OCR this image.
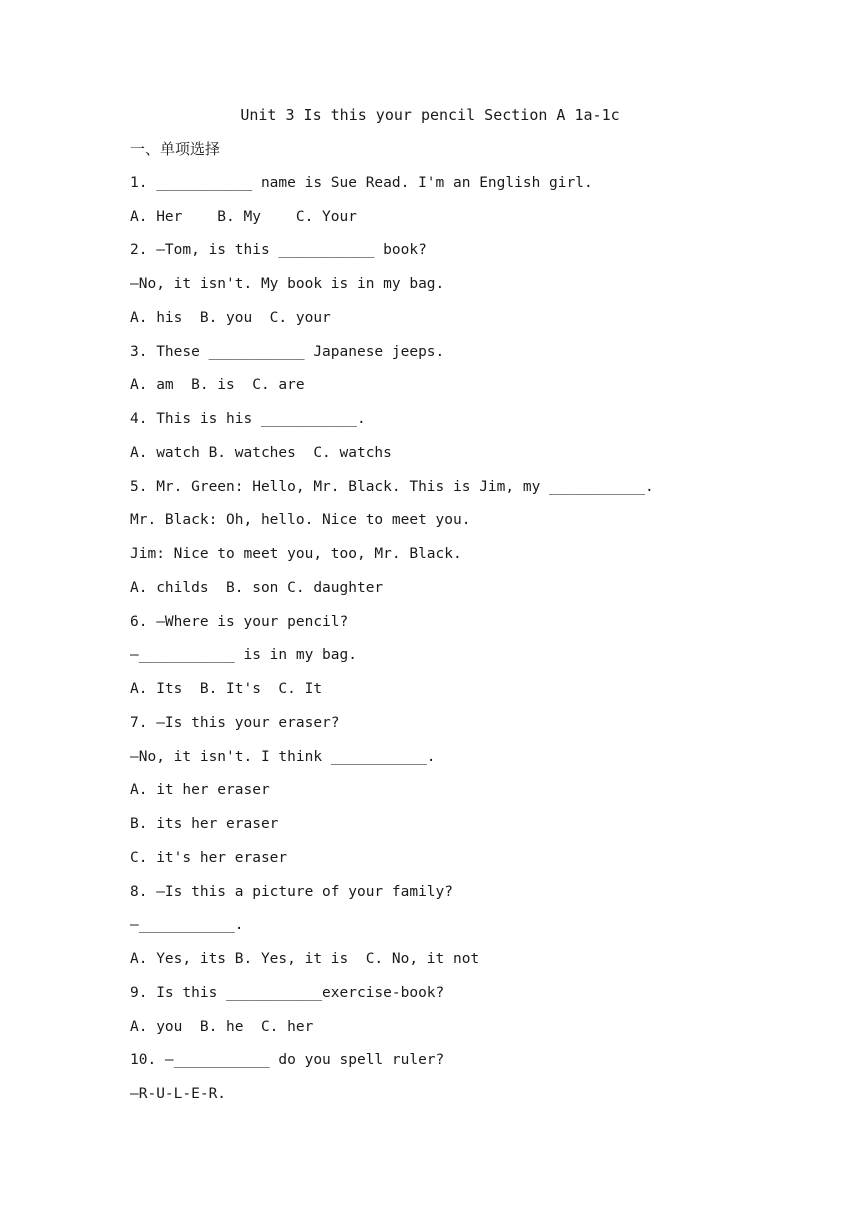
Unit 3 Is this your pencil Section A 1a-1c
一、单项选择
1. ___________ name is Sue Read. I'm an English girl.
A. Her    B. My    C. Your
2. —Tom, is this ___________ book?
—No, it isn't. My book is in my bag.
A. his  B. you  C. your
3. These ___________ Japanese jeeps.
A. am  B. is  C. are
4. This is his ___________.
A. watch B. watches  C. watchs
5. Mr. Green: Hello, Mr. Black. This is Jim, my ___________.
Mr. Black: Oh, hello. Nice to meet you.
Jim: Nice to meet you, too, Mr. Black.
A. childs  B. son C. daughter
6. —Where is your pencil?
—___________ is in my bag.
A. Its  B. It's  C. It
7. —Is this your eraser?
—No, it isn't. I think ___________.
A. it her eraser
B. its her eraser
C. it's her eraser
8. —Is this a picture of your family?
—___________.
A. Yes, its B. Yes, it is  C. No, it not
9. Is this ___________exercise-book?
A. you  B. he  C. her
10. —___________ do you spell ruler?
—R-U-L-E-R.
